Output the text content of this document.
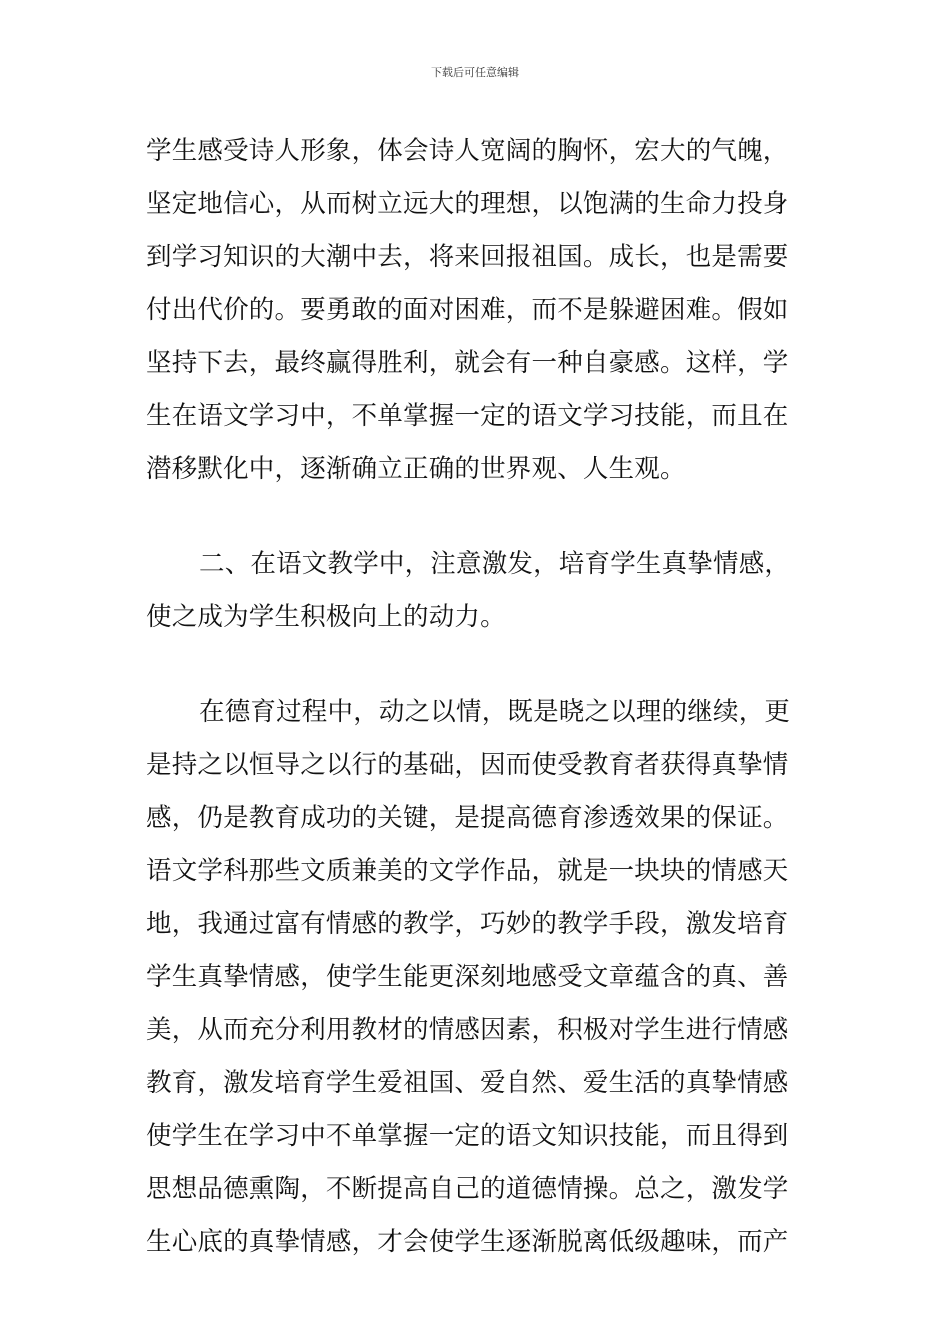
下载后可任意编辑
学生感受诗人形象，体会诗人宽阔的胸怀，宏大的气魄，
坚定地信心，从而树立远大的理想，以饱满的生命力投身
到学习知识的大潮中去，将来回报祖国。成长，也是需要
付出代价的。要勇敢的面对困难，而不是躲避困难。假如
坚持下去，最终赢得胜利，就会有一种自豪感。这样，学
生在语文学习中，不单掌握一定的语文学习技能，而且在
潜移默化中，逐渐确立正确的世界观、人生观。
二、在语文教学中，注意激发，培育学生真挚情感，
使之成为学生积极向上的动力。
在德育过程中，动之以情，既是晓之以理的继续，更
是持之以恒导之以行的基础，因而使受教育者获得真挚情
感，仍是教育成功的关键，是提高德育渗透效果的保证。
语文学科那些文质兼美的文学作品，就是一块块的情感天
地，我通过富有情感的教学，巧妙的教学手段，激发培育
学生真挚情感，使学生能更深刻地感受文章蕴含的真、善
美，从而充分利用教材的情感因素，积极对学生进行情感
教育，激发培育学生爱祖国、爱自然、爱生活的真挚情感
使学生在学习中不单掌握一定的语文知识技能，而且得到
思想品德熏陶，不断提高自己的道德情操。总之，激发学
生心底的真挚情感，才会使学生逐渐脱离低级趣味，而产
